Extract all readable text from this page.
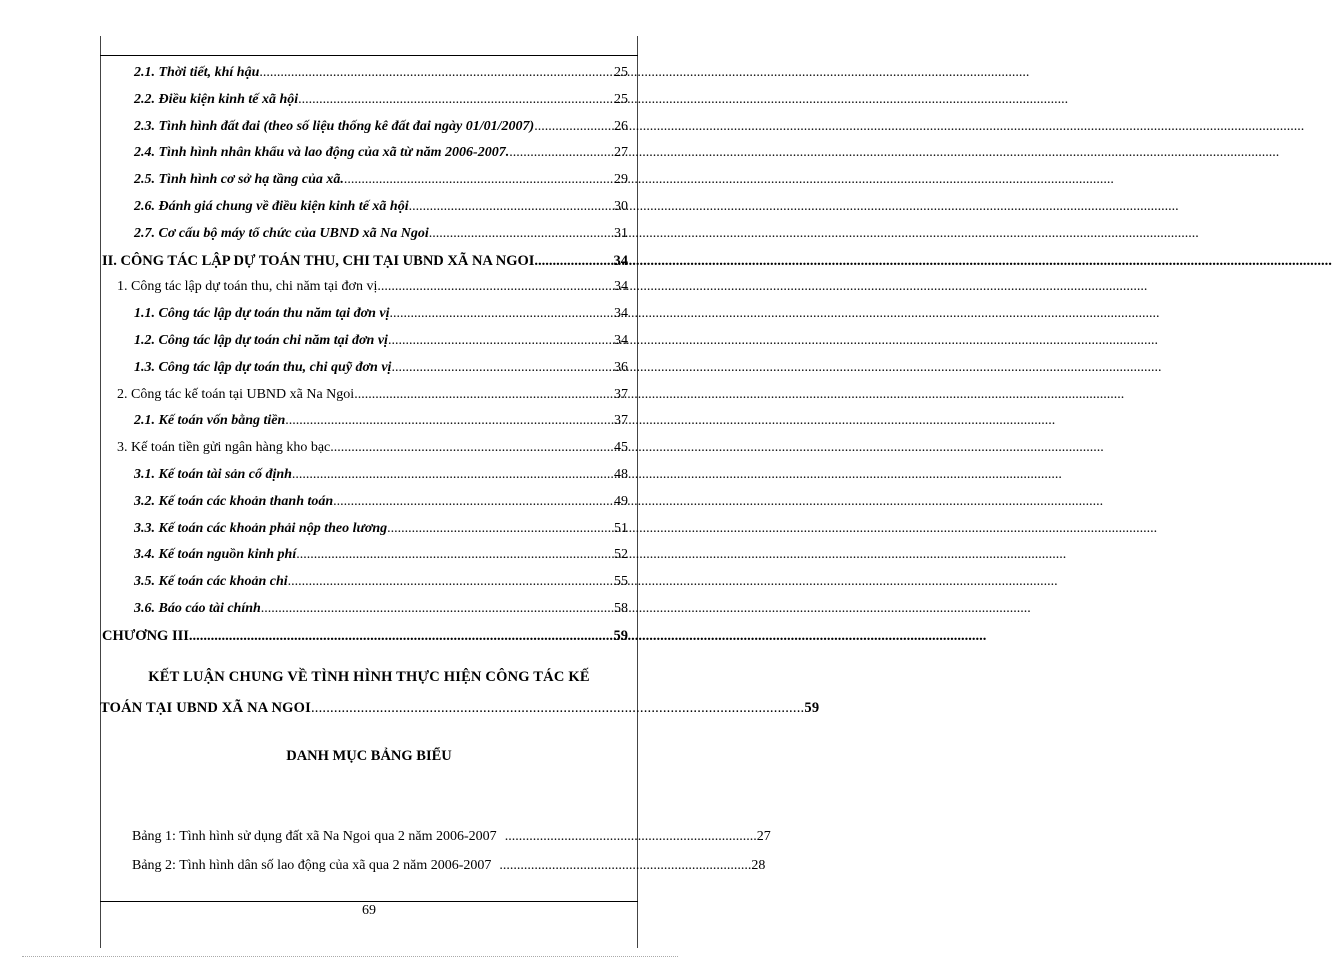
2.1. Thời tiết, khí hậu .....	25
2.2. Điều kiện kinh tế xã hội .....	25
2.3. Tình hình đất đai (theo số liệu thống kê đất đai ngày 01/01/2007) .....	26
2.4. Tình hình nhân khẩu và lao động của xã từ năm 2006-2007. .....	27
2.5. Tình hình cơ sở hạ tầng của xã. .....	29
2.6. Đánh giá chung về điều kiện kinh tế xã hội .....	30
2.7. Cơ cấu bộ máy tổ chức của UBND xã Na Ngoi .....	31
II. CÔNG TÁC LẬP DỰ TOÁN THU, CHI TẠI UBND XÃ NA NGOI .....	34
1. Công tác lập dự toán thu, chi năm tại đơn vị .....	34
1.1. Công tác lập dự toán thu năm tại đơn vị .....	34
1.2. Công tác lập dự toán chi năm tại đơn vị .....	34
1.3. Công tác lập dự toán thu, chi quỹ đơn vị .....	36
2. Công tác kế toán tại UBND xã Na Ngoi .....	37
2.1. Kế toán vốn bằng tiền .....	37
3. Kế toán tiền gửi ngân hàng kho bạc. .....	45
3.1. Kế toán tài sản cố định .....	48
3.2. Kế toán các khoản thanh toán .....	49
3.3. Kế toán các khoản phải nộp theo lương .....	51
3.4. Kế toán nguồn kinh phí .....	52
3.5. Kế toán các khoản chi .....	55
3.6. Báo cáo tài chính .....	58
CHƯƠNG III .....	59
KẾT LUẬN CHUNG VỀ TÌNH HÌNH THỰC HIỆN CÔNG TÁC KẾ
TOÁN TẠI UBND XÃ NA NGOI ................................................................................................................................. 59
DANH MỤC BẢNG BIỂU
Bảng 1: Tình hình sử dụng đất xã Na Ngoi qua 2 năm 2006-2007 .....	27
Bảng 2: Tình hình dân số lao động của xã qua 2 năm 2006-2007 .....	28
69
